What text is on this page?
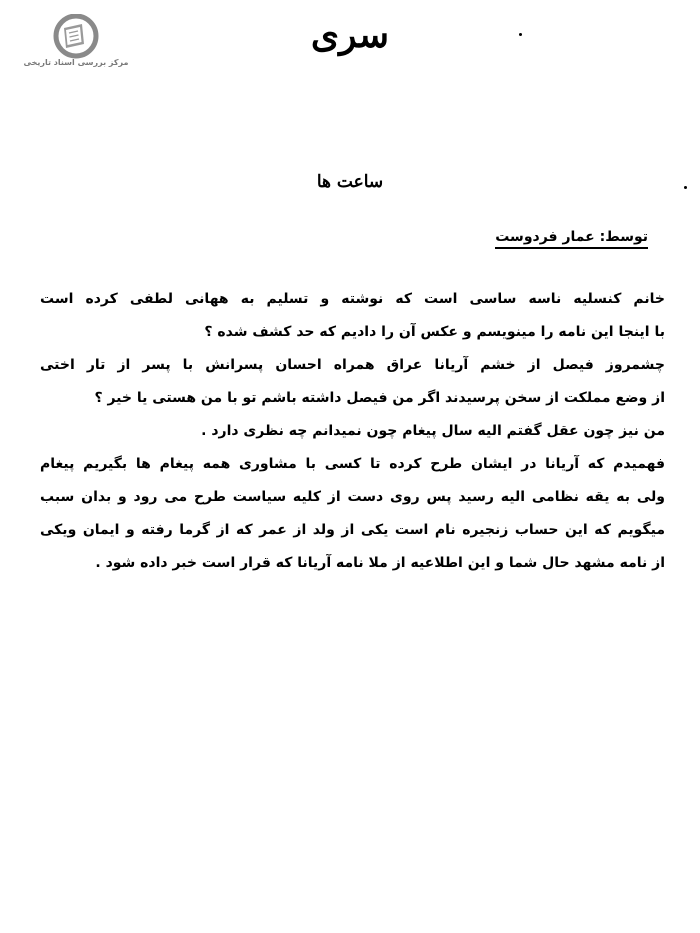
مرکز بررسی اسناد تاریخی
سری
ساعت ها
توسط: عمار فردوست
خانم کنسلیه ناسه ساسی است که نوشته و تسلیم به ههانی لطفی کرده است
با اینجا این نامه را مینویسم و عکس آن را دادیم که حد کشف شده ؟
چشمروز فیصل از خشم آریانا عراق همراه احسان پسرانش با پسر از تار اختی
از وضع مملکت از سخن پرسیدند اگر من فیصل داشته باشم تو با من هستی یا خیر ؟
من نیز چون عقل گفتم الیه سال پیغام چون نمیدانم چه نظری دارد .
فهمیدم که آریانا در ایشان طرح کرده تا کسی با مشاوری همه پیغام ها بگیریم پیغام
ولی به یقه نظامی الیه رسید پس روی دست از کلیه سیاست طرح می رود و بدان سبب
میگویم که این حساب زنجیره نام است یکی از ولد از عمر که از گرما رفته و ایمان ویکی
از نامه مشهد حال شما و این اطلاعیه از ملا نامه آریانا که قرار است خبر داده شود .
